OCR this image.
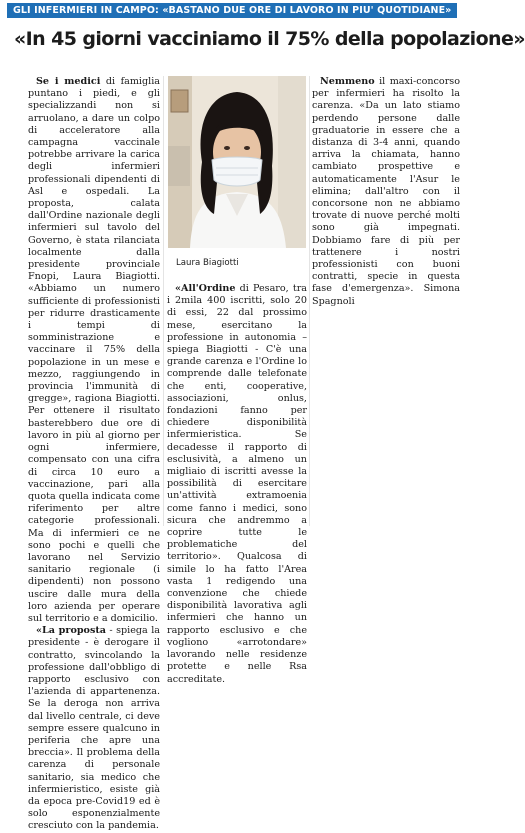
GLI INFERMIERI IN CAMPO: «BASTANO DUE ORE DI LAVORO IN PIU' QUOTIDIANE»
«In 45 giorni vacciniamo il 75% della popolazione»

Se i medici di famiglia puntano i piedi, e gli specializzandi non si arruolano, a dare un colpo di acceleratore alla campagna vaccinale potrebbe arrivare la carica degli infermieri professionali dipendenti di Asl e ospedali. La proposta, calata dall'Ordine nazionale degli infermieri sul tavolo del Governo, è stata rilanciata localmente dalla presidente provinciale Fnopi, Laura Biagiotti. «Abbiamo un numero sufficiente di professionisti per ridurre drasticamente i tempi di somministrazione e vaccinare il 75% della popolazione in un mese e mezzo, raggiungendo in provincia l'immunità di gregge», ragiona Biagiotti. Per ottenere il risultato basterebbero due ore di lavoro in più al giorno per ogni infermiere, compensato con una cifra di circa 10 euro a vaccinazione, pari alla quota quella indicata come riferimento per altre categorie professionali. Ma di infermieri ce ne sono pochi e quelli che lavorano nel Servizio sanitario regionale (i dipendenti) non possono uscire dalle mura della loro azienda per operare sul territorio e a domicilio.

«La proposta - spiega la presidente - è derogare il contratto, svincolando la professione dall'obbligo di rapporto esclusivo con l'azienda di appartenenza. Se la deroga non arriva dal livello centrale, ci deve sempre essere qualcuno in periferia che apre una breccia». Il problema della carenza di personale sanitario, sia medico che infermieristico, esiste già da epoca pre-Covid19 ed è solo esponenzialmente cresciuto con la pandemia.

Laura Biagiotti

«All'Ordine di Pesaro, tra i 2mila 400 iscritti, solo 20 di essi, 22 dal prossimo mese, esercitano la professione in autonomia – spiega Biagiotti - C'è una grande carenza e l'Ordine lo comprende dalle telefonate che enti, cooperative, associazioni, onlus, fondazioni fanno per chiedere disponibilità infermieristica. Se decadesse il rapporto di esclusività, a almeno un migliaio di iscritti avesse la possibilità di esercitare un'attività extramoenia come fanno i medici, sono sicura che andremmo a coprire tutte le problematiche del territorio». Qualcosa di simile lo ha fatto l'Area vasta 1 redigendo una convenzione che chiede disponibilità lavorativa agli infermieri che hanno un rapporto esclusivo e che vogliono «arrotondare» lavorando nelle residenze protette e nelle Rsa accreditate.

Nemmeno il maxi-concorso per infermieri ha risolto la carenza. «Da un lato stiamo perdendo persone dalle graduatorie in essere che a distanza di 3-4 anni, quando arriva la chiamata, hanno cambiato prospettive e automaticamente l'Asur le elimina; dall'altro con il concorsone non ne abbiamo trovate di nuove perché molti sono già impegnati. Dobbiamo fare di più per trattenere i nostri professionisti con buoni contratti, specie in questa fase d'emergenza». Simona Spagnoli
